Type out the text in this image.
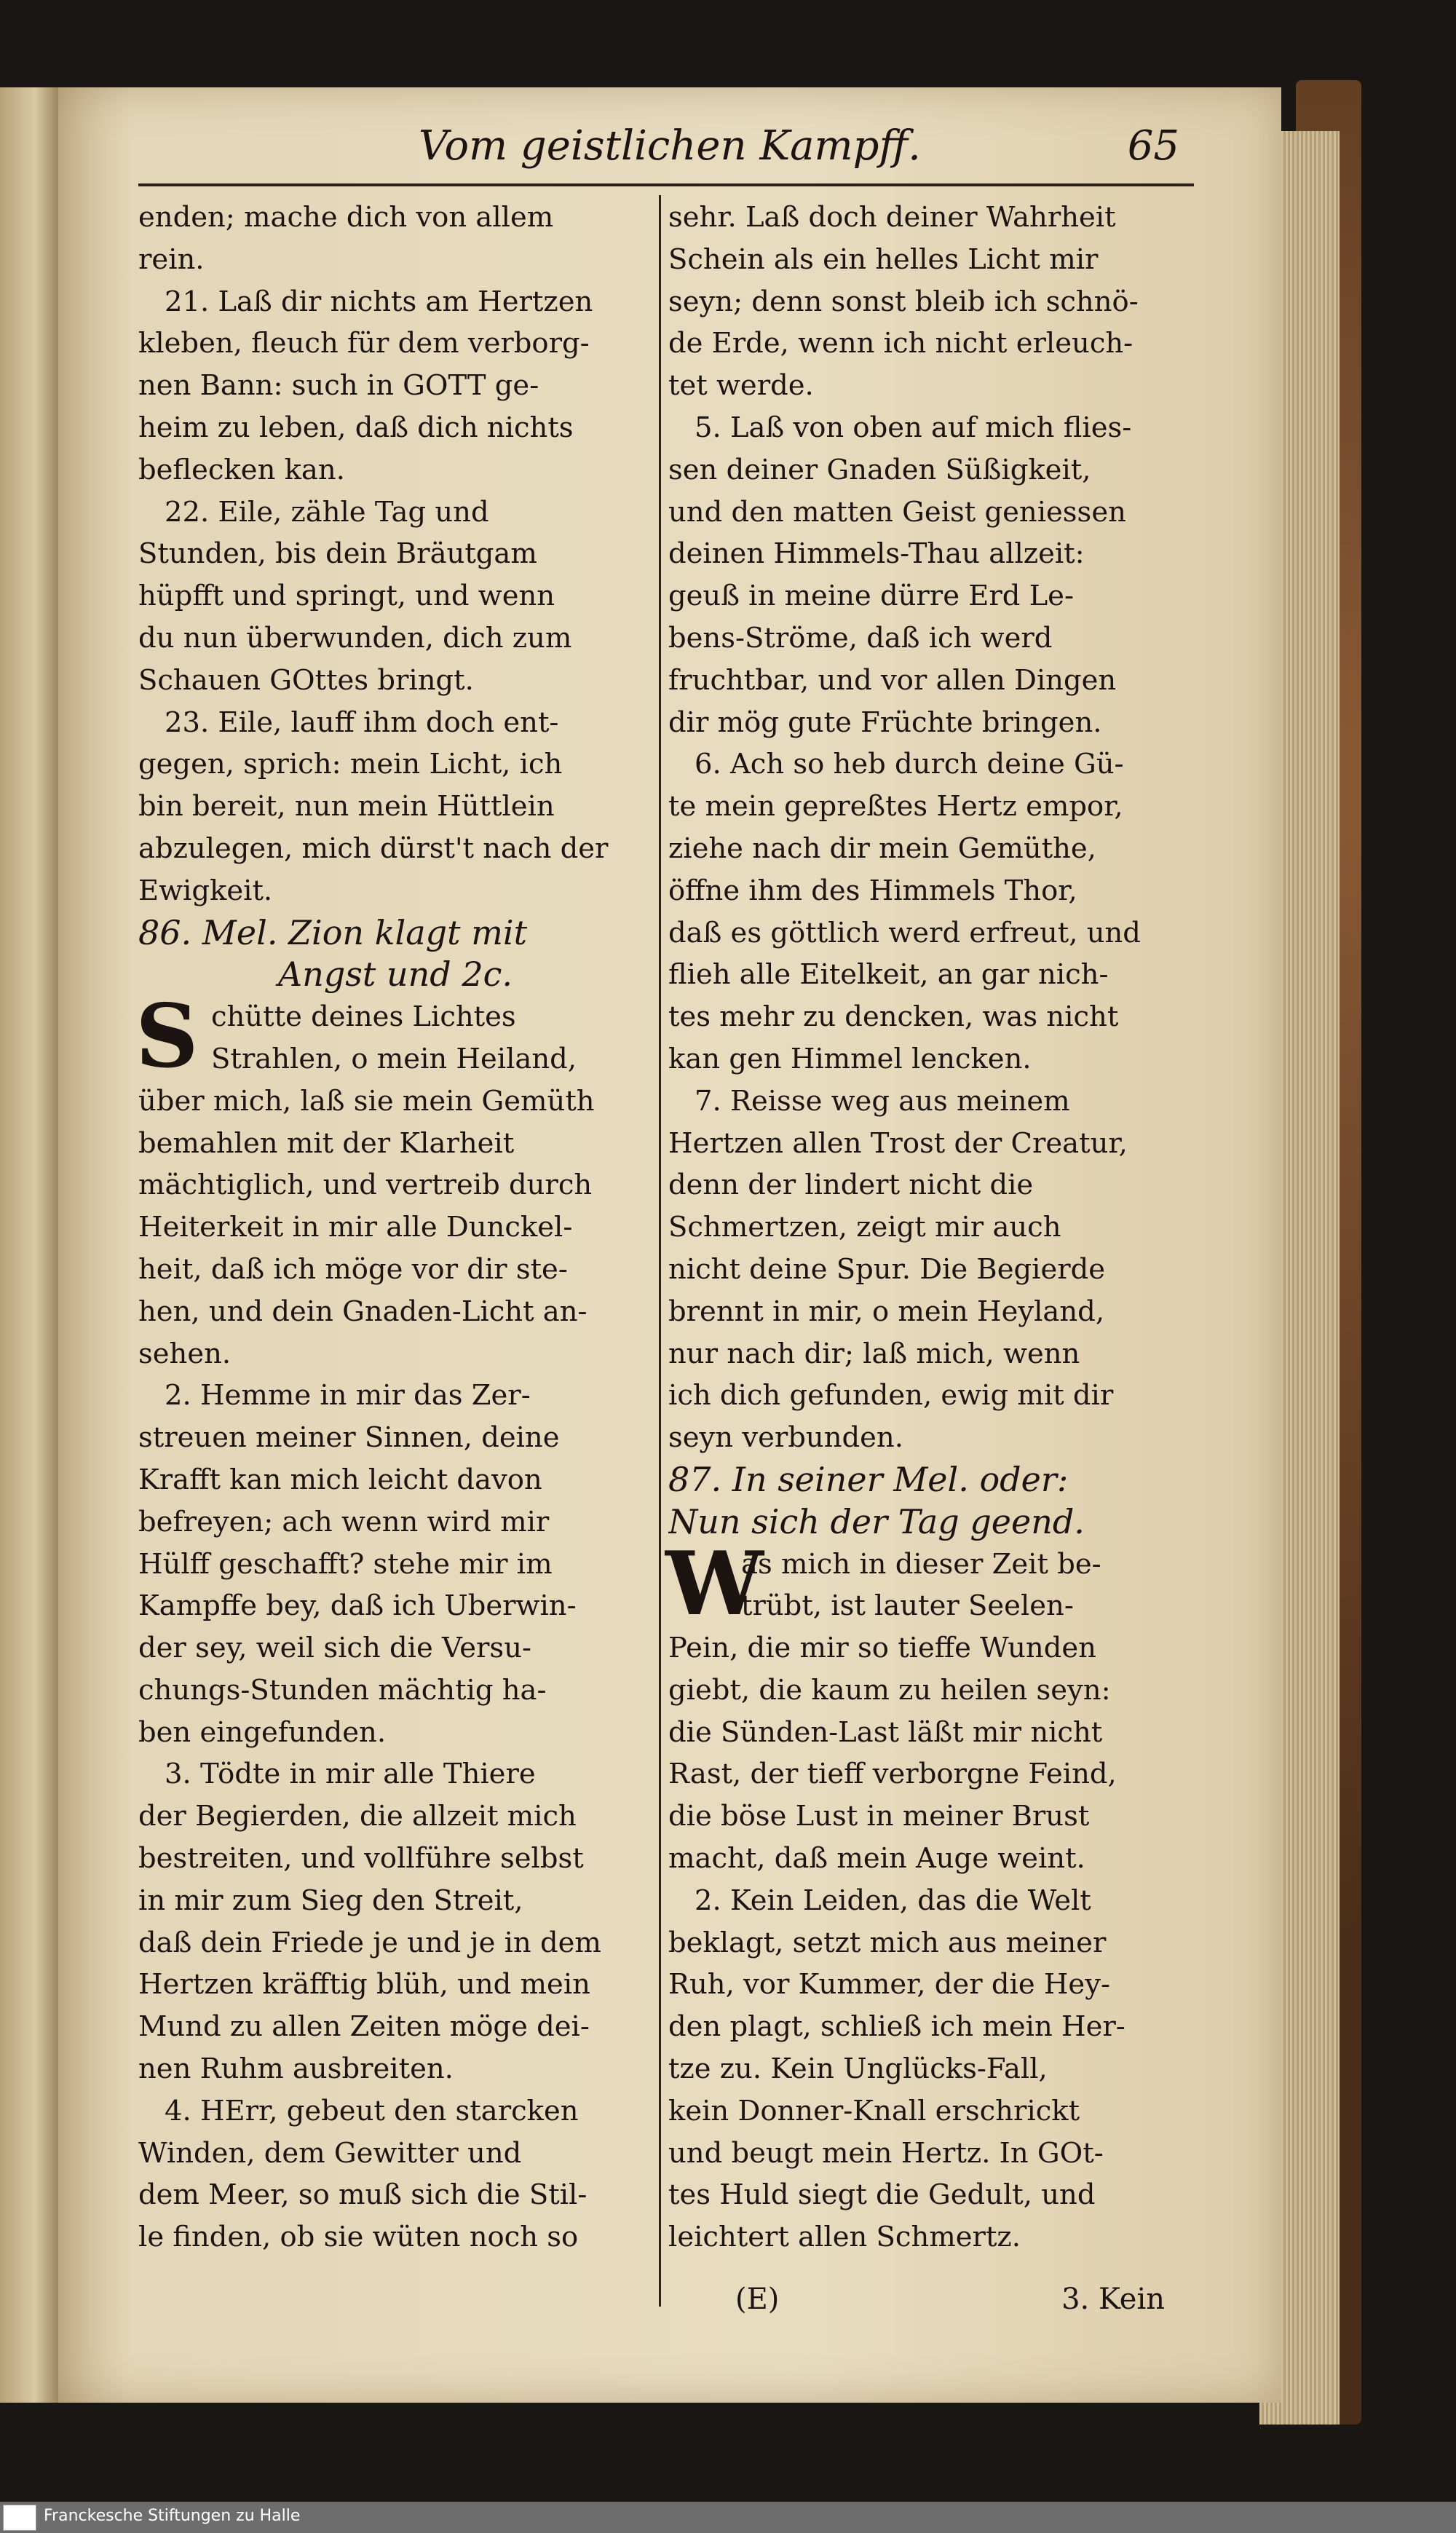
Vom geistlichen Kampff.	65
enden; mache dich von allem
rein.
21. Laß dir nichts am Hertzen
kleben, fleuch für dem verborg-
nen Bann: such in GOTT ge-
heim zu leben, daß dich nichts
beflecken kan.
22. Eile, zähle Tag und
Stunden, bis dein Bräutgam
hüpfft und springt, und wenn
du nun überwunden, dich zum
Schauen GOttes bringt.
23. Eile, lauff ihm doch ent-
gegen, sprich: mein Licht, ich
bin bereit, nun mein Hüttlein
abzulegen, mich dürst't nach der
Ewigkeit.
86. Mel. Zion klagt mit
Angst und 2c.
chütte deines Lichtes
Strahlen, o mein Heiland,
über mich, laß sie mein Gemüth
bemahlen mit der Klarheit
mächtiglich, und vertreib durch
Heiterkeit in mir alle Dunckel-
heit, daß ich möge vor dir ste-
hen, und dein Gnaden-Licht an-
sehen.
2. Hemme in mir das Zer-
streuen meiner Sinnen, deine
Krafft kan mich leicht davon
befreyen; ach wenn wird mir
Hülff geschafft? stehe mir im
Kampffe bey, daß ich Uberwin-
der sey, weil sich die Versu-
chungs-Stunden mächtig ha-
ben eingefunden.
3. Tödte in mir alle Thiere
der Begierden, die allzeit mich
bestreiten, und vollführe selbst
in mir zum Sieg den Streit,
daß dein Friede je und je in dem
Hertzen kräfftig blüh, und mein
Mund zu allen Zeiten möge dei-
nen Ruhm ausbreiten.
4. HErr, gebeut den starcken
Winden, dem Gewitter und
dem Meer, so muß sich die Stil-
le finden, ob sie wüten noch so
sehr. Laß doch deiner Wahrheit
Schein als ein helles Licht mir
seyn; denn sonst bleib ich schnö-
de Erde, wenn ich nicht erleuch-
tet werde.
5. Laß von oben auf mich flies-
sen deiner Gnaden Süßigkeit,
und den matten Geist geniessen
deinen Himmels-Thau allzeit:
geuß in meine dürre Erd Le-
bens-Ströme, daß ich werd
fruchtbar, und vor allen Dingen
dir mög gute Früchte bringen.
6. Ach so heb durch deine Gü-
te mein gepreßtes Hertz empor,
ziehe nach dir mein Gemüthe,
öffne ihm des Himmels Thor,
daß es göttlich werd erfreut, und
flieh alle Eitelkeit, an gar nich-
tes mehr zu dencken, was nicht
kan gen Himmel lencken.
7. Reisse weg aus meinem
Hertzen allen Trost der Creatur,
denn der lindert nicht die
Schmertzen, zeigt mir auch
nicht deine Spur. Die Begierde
brennt in mir, o mein Heyland,
nur nach dir; laß mich, wenn
ich dich gefunden, ewig mit dir
seyn verbunden.
87. In seiner Mel. oder:
Nun sich der Tag geend.
as mich in dieser Zeit be-
trübt, ist lauter Seelen-
Pein, die mir so tieffe Wunden
giebt, die kaum zu heilen seyn:
die Sünden-Last läßt mir nicht
Rast, der tieff verborgne Feind,
die böse Lust in meiner Brust
macht, daß mein Auge weint.
2. Kein Leiden, das die Welt
beklagt, setzt mich aus meiner
Ruh, vor Kummer, der die Hey-
den plagt, schließ ich mein Her-
tze zu. Kein Unglücks-Fall,
kein Donner-Knall erschrickt
und beugt mein Hertz. In GOt-
tes Huld siegt die Gedult, und
leichtert allen Schmertz.
S
W
(E)	3. Kein
Franckesche Stiftungen zu Halle
